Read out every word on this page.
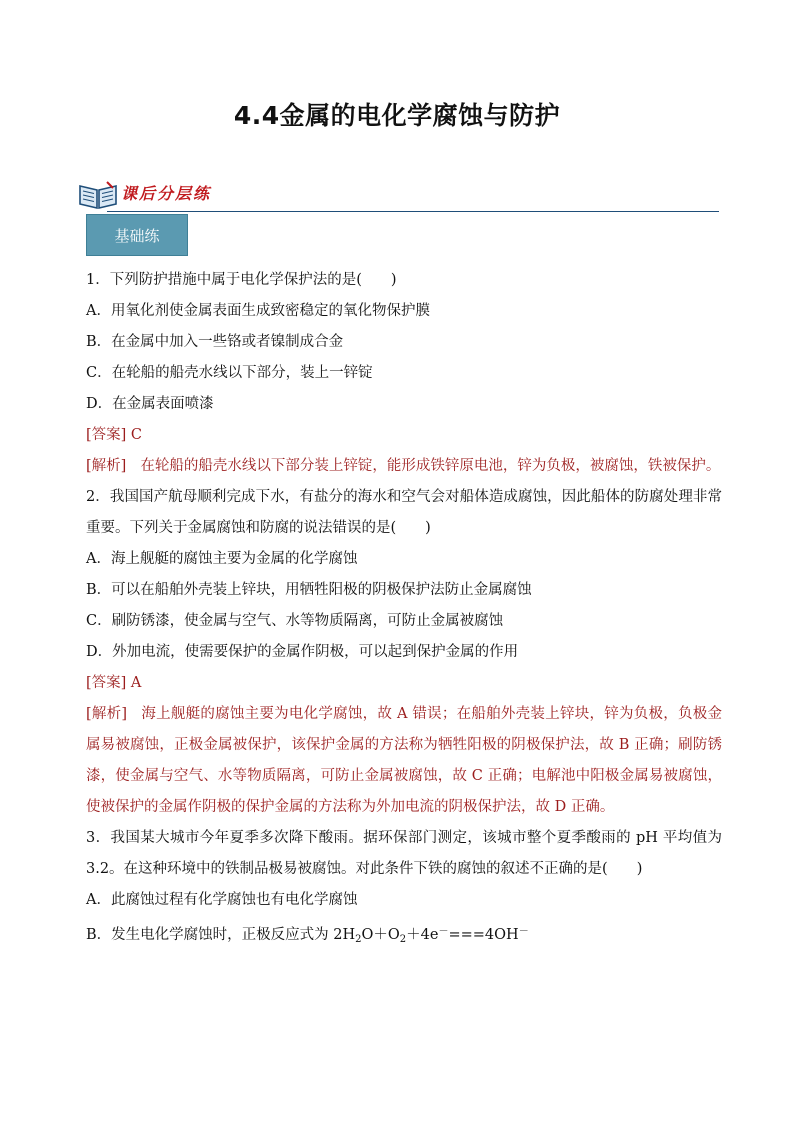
4.4金属的电化学腐蚀与防护
课后分层练
基础练

1．下列防护措施中属于电化学保护法的是(　　)

A．用氧化剂使金属表面生成致密稳定的氧化物保护膜

B．在金属中加入一些铬或者镍制成合金

C．在轮船的船壳水线以下部分，装上一锌锭

D．在金属表面喷漆

[答案] C

[解析] 在轮船的船壳水线以下部分装上锌锭，能形成铁锌原电池，锌为负极，被腐蚀，铁被保护。

2．我国国产航母顺利完成下水，有盐分的海水和空气会对船体造成腐蚀，因此船体的防腐处理非常重要。下列关于金属腐蚀和防腐的说法错误的是(　　)

A．海上舰艇的腐蚀主要为金属的化学腐蚀

B．可以在船舶外壳装上锌块，用牺牲阳极的阴极保护法防止金属腐蚀

C．刷防锈漆，使金属与空气、水等物质隔离，可防止金属被腐蚀

D．外加电流，使需要保护的金属作阴极，可以起到保护金属的作用

[答案] A

[解析] 海上舰艇的腐蚀主要为电化学腐蚀，故 A 错误；在船舶外壳装上锌块，锌为负极，负极金属易被腐蚀，正极金属被保护，该保护金属的方法称为牺牲阳极的阴极保护法，故 B 正确；刷防锈漆，使金属与空气、水等物质隔离，可防止金属被腐蚀，故 C 正确；电解池中阳极金属易被腐蚀，使被保护的金属作阴极的保护金属的方法称为外加电流的阴极保护法，故 D 正确。

3．我国某大城市今年夏季多次降下酸雨。据环保部门测定，该城市整个夏季酸雨的 pH 平均值为 3.2。在这种环境中的铁制品极易被腐蚀。对此条件下铁的腐蚀的叙述不正确的是(　　)

A．此腐蚀过程有化学腐蚀也有电化学腐蚀

B．发生电化学腐蚀时，正极反应式为 $2H_2O+O_2+4e^-===4OH^-$
